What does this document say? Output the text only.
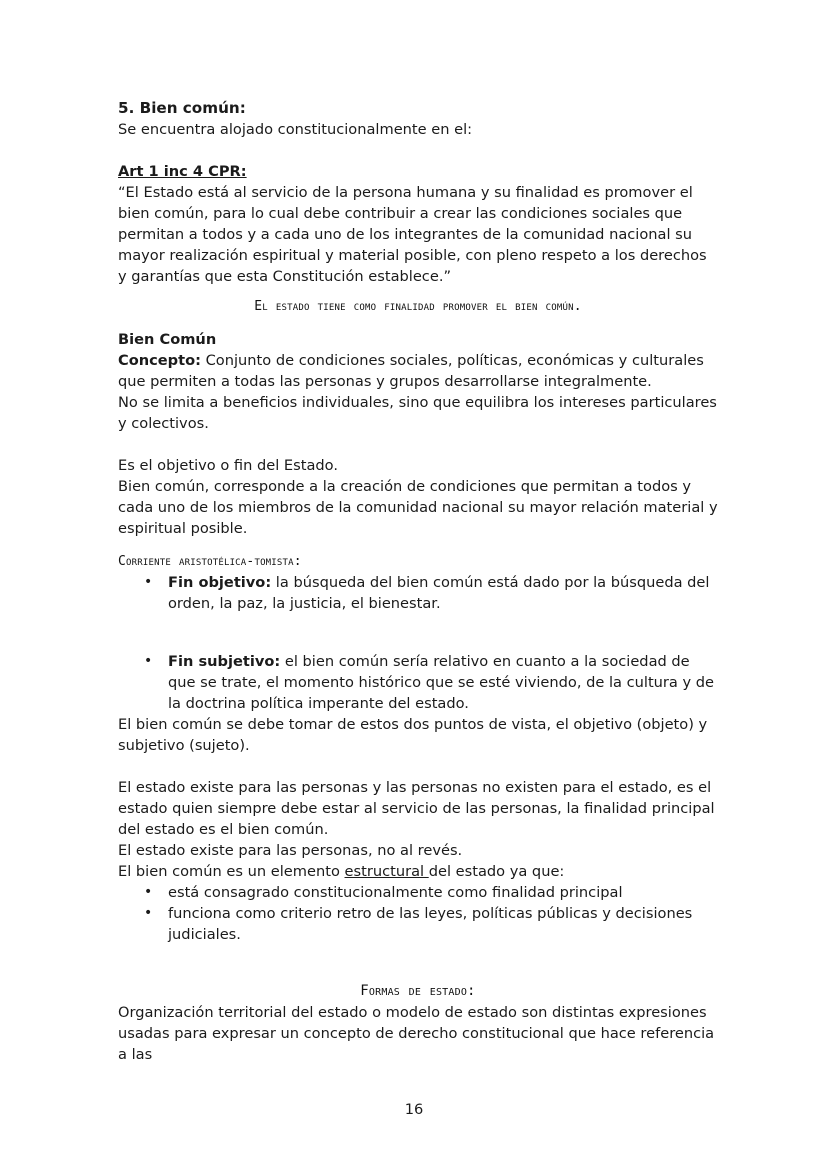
5. Bien común:

Se encuentra alojado constitucionalmente en el:

Art 1 inc 4 CPR:

“El Estado está al servicio de la persona humana y su finalidad es promover el bien común, para lo cual debe contribuir a crear las condiciones sociales que permitan a todos y a cada uno de los integrantes de la comunidad nacional su mayor realización espiritual y material posible, con pleno respeto a los derechos y garantías que esta Constitución establece.”

El estado tiene como finalidad promover el bien común.

Bien Común

Concepto: Conjunto de condiciones sociales, políticas, económicas y culturales que permiten a todas las personas y grupos desarrollarse integralmente.

No se limita a beneficios individuales, sino que equilibra los intereses particulares y colectivos.

Es el objetivo o fin del Estado.

Bien común, corresponde a la creación de condiciones que permitan a todos y cada uno de los miembros de la comunidad nacional su mayor relación material y espiritual posible.

Corriente aristotélica-tomista:

• Fin objetivo: la búsqueda del bien común está dado por la búsqueda del orden, la paz, la justicia, el bienestar.
• Fin subjetivo: el bien común sería relativo en cuanto a la sociedad de que se trate, el momento histórico que se esté viviendo, de la cultura y de la doctrina política imperante del estado.

El bien común se debe tomar de estos dos puntos de vista, el objetivo (objeto) y subjetivo (sujeto).

El estado existe para las personas y las personas no existen para el estado, es el estado quien siempre debe estar al servicio de las personas, la finalidad principal del estado es el bien común.

El estado existe para las personas, no al revés.

El bien común es un elemento estructural del estado ya que:

• está consagrado constitucionalmente como finalidad principal
• funciona como criterio retro de las leyes, políticas públicas y decisiones judiciales.

Formas de estado:

Organización territorial del estado o modelo de estado son distintas expresiones usadas para expresar un concepto de derecho constitucional que hace referencia a las

16
